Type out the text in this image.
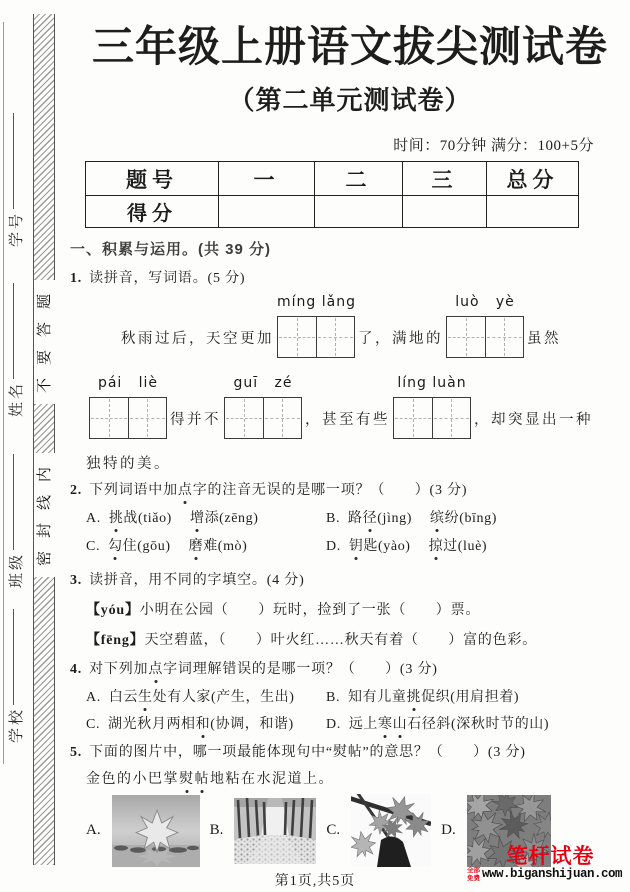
学号
姓名
班级
学校
不要答题
密封线内
三年级上册语文拔尖测试卷
（第二单元测试卷）
时间：70分钟 满分：100+5分
题号	一	二	三	总分
得分				
一、积累与运用。(共 39 分)
1. 读拼音，写词语。(5 分)
秋雨过后，天空更加
míng lǎng
了，满地的
luò   yè
虽然
pái   liè
得并不
guī   zé
，甚至有些
líng luàn
，却突显出一种
独特的美。
2. 下列词语中加点字的注音无误的是哪一项？（　　）(3 分)
A. 挑战(tiǎo) 增添(zēng)	B. 路径(jìng) 缤纷(bīng)
C. 勾住(gōu) 磨难(mò)	D. 钥匙(yào) 掠过(luè)
3. 读拼音，用不同的字填空。(4 分)
【yóu】小明在公园（　　）玩时，捡到了一张（　　）票。
【fēng】天空碧蓝，（　　）叶火红……秋天有着（　　）富的色彩。
4. 对下列加点字词理解错误的是哪一项？（　　）(3 分)
A. 白云生处有人家(产生，生出)	B. 知有儿童挑促织(用肩担着)
C. 湖光秋月两相和(协调，和谐)	D. 远上寒山石径斜(深秋时节的山)
5. 下面的图片中，哪一项最能体现句中“熨帖”的意思？（　　）(3 分)
金色的小巴掌熨帖地粘在水泥道上。
A.	B.	C.	D.
第1页,共5页
笔杆试卷
全部免费 www.biganshijuan.com
